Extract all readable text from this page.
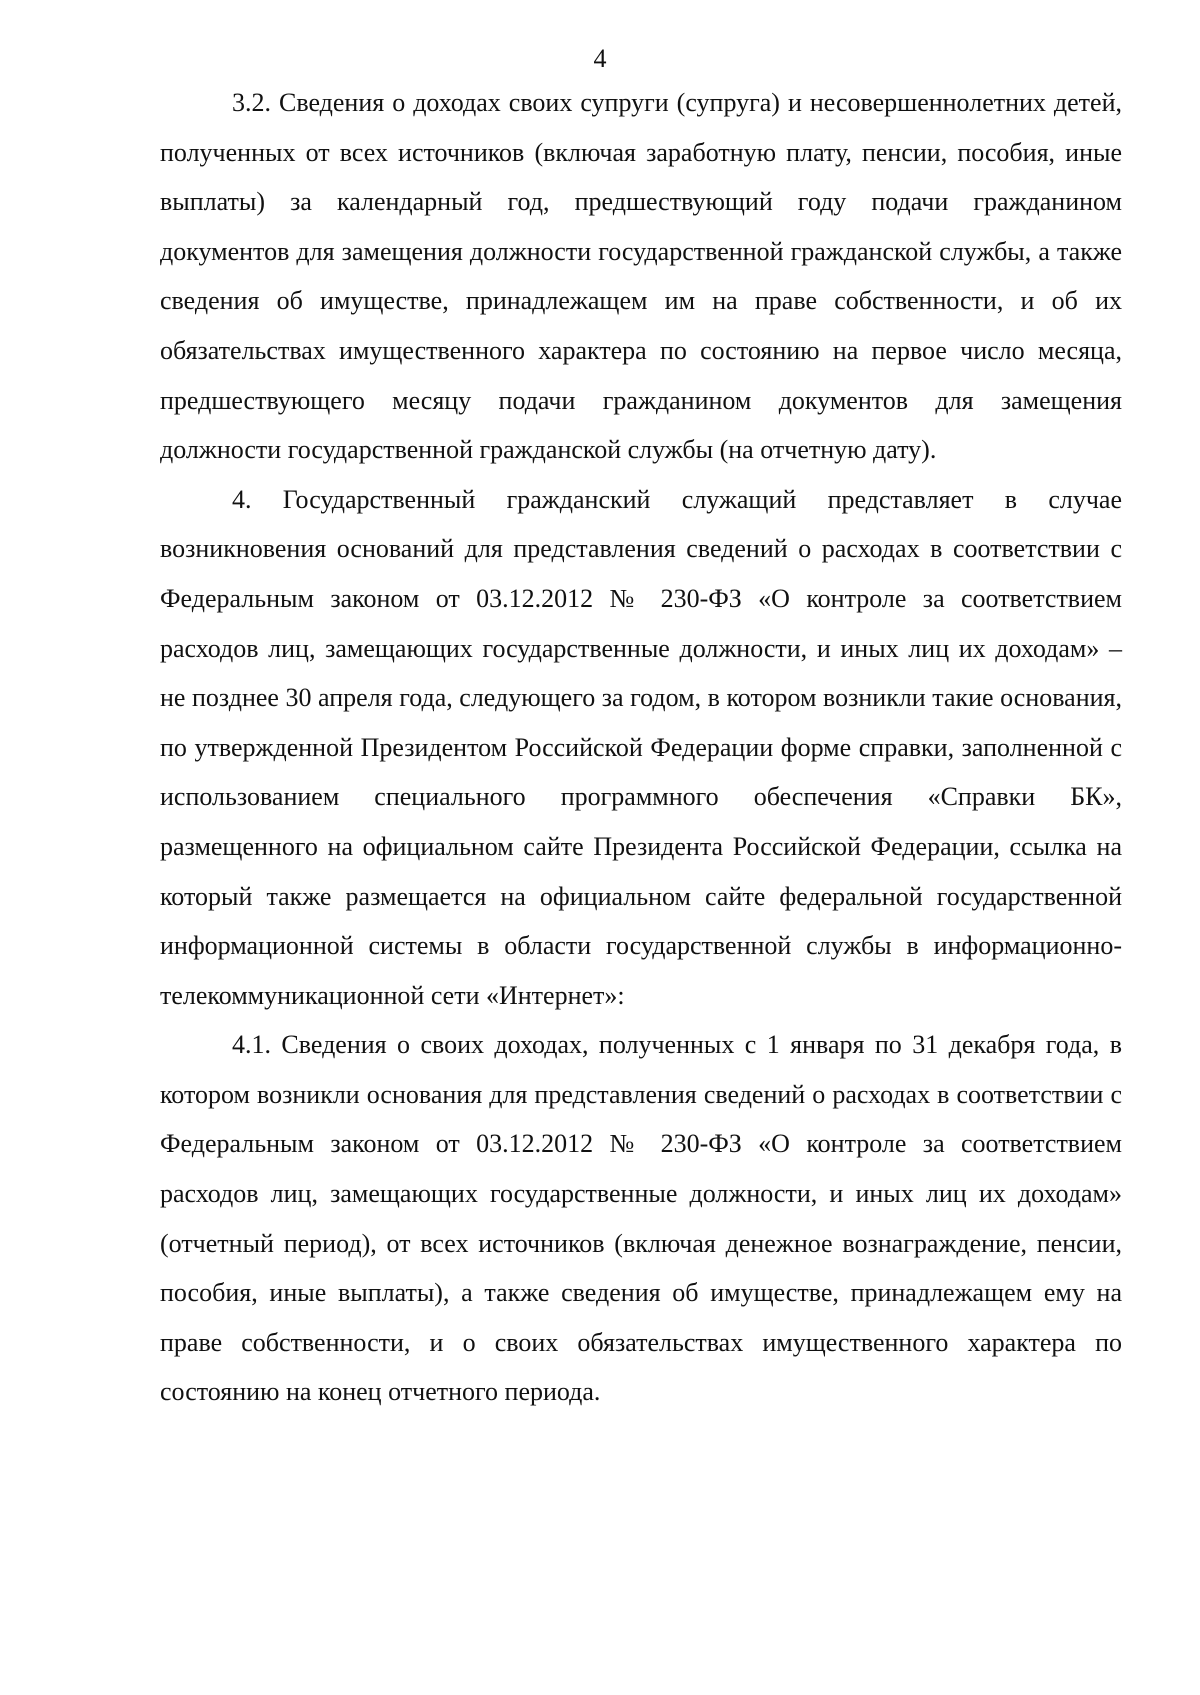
4

3.2. Сведения о доходах своих супруги (супруга) и несовершеннолетних детей, полученных от всех источников (включая заработную плату, пенсии, пособия, иные выплаты) за календарный год, предшествующий году подачи гражданином документов для замещения должности государственной гражданской службы, а также сведения об имуществе, принадлежащем им на праве собственности, и об их обязательствах имущественного характера по состоянию на первое число месяца, предшествующего месяцу подачи гражданином документов для замещения должности государственной гражданской службы (на отчетную дату).

4. Государственный гражданский служащий представляет в случае возникновения оснований для представления сведений о расходах в соответствии с Федеральным законом от 03.12.2012 № 230-ФЗ «О контроле за соответствием расходов лиц, замещающих государственные должности, и иных лиц их доходам» – не позднее 30 апреля года, следующего за годом, в котором возникли такие основания, по утвержденной Президентом Российской Федерации форме справки, заполненной с использованием специального программного обеспечения «Справки БК», размещенного на официальном сайте Президента Российской Федерации, ссылка на который также размещается на официальном сайте федеральной государственной информационной системы в области государственной службы в информационно-телекоммуникационной сети «Интернет»:

4.1. Сведения о своих доходах, полученных с 1 января по 31 декабря года, в котором возникли основания для представления сведений о расходах в соответствии с Федеральным законом от 03.12.2012 № 230-ФЗ «О контроле за соответствием расходов лиц, замещающих государственные должности, и иных лиц их доходам» (отчетный период), от всех источников (включая денежное вознаграждение, пенсии, пособия, иные выплаты), а также сведения об имуществе, принадлежащем ему на праве собственности, и о своих обязательствах имущественного характера по состоянию на конец отчетного периода.
